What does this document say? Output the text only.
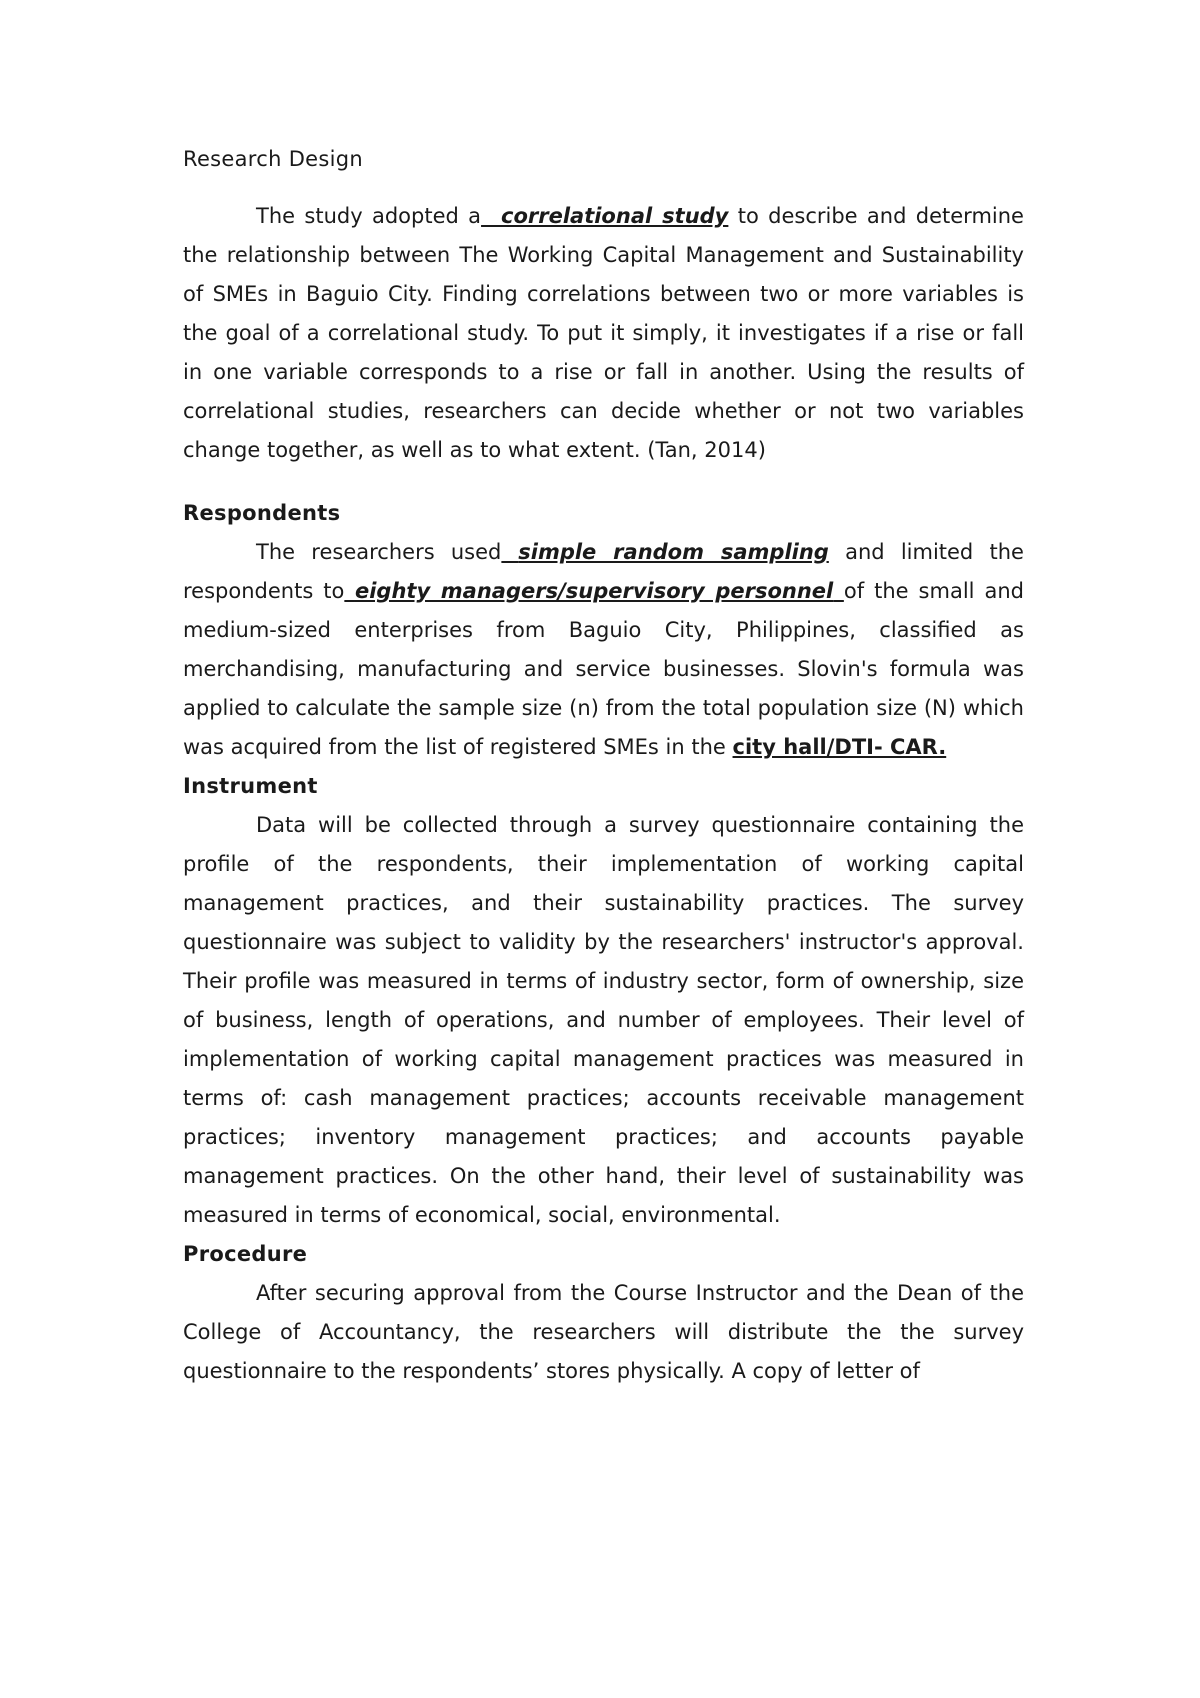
Research Design

The study adopted a correlational study to describe and determine the relationship between The Working Capital Management and Sustainability of SMEs in Baguio City. Finding correlations between two or more variables is the goal of a correlational study. To put it simply, it investigates if a rise or fall in one variable corresponds to a rise or fall in another. Using the results of correlational studies, researchers can decide whether or not two variables change together, as well as to what extent. (Tan, 2014)

Respondents

The researchers used simple random sampling and limited the respondents to eighty managers/supervisory personnel of the small and medium-sized enterprises from Baguio City, Philippines, classified as merchandising, manufacturing and service businesses. Slovin's formula was applied to calculate the sample size (n) from the total population size (N) which was acquired from the list of registered SMEs in the city hall/DTI- CAR.

Instrument

Data will be collected through a survey questionnaire containing the profile of the respondents, their implementation of working capital management practices, and their sustainability practices. The survey questionnaire was subject to validity by the researchers' instructor's approval. Their profile was measured in terms of industry sector, form of ownership, size of business, length of operations, and number of employees. Their level of implementation of working capital management practices was measured in terms of: cash management practices; accounts receivable management practices; inventory management practices; and accounts payable management practices. On the other hand, their level of sustainability was measured in terms of economical, social, environmental.

Procedure

After securing approval from the Course Instructor and the Dean of the College of Accountancy, the researchers will distribute the the survey questionnaire to the respondents’ stores physically. A copy of letter of
